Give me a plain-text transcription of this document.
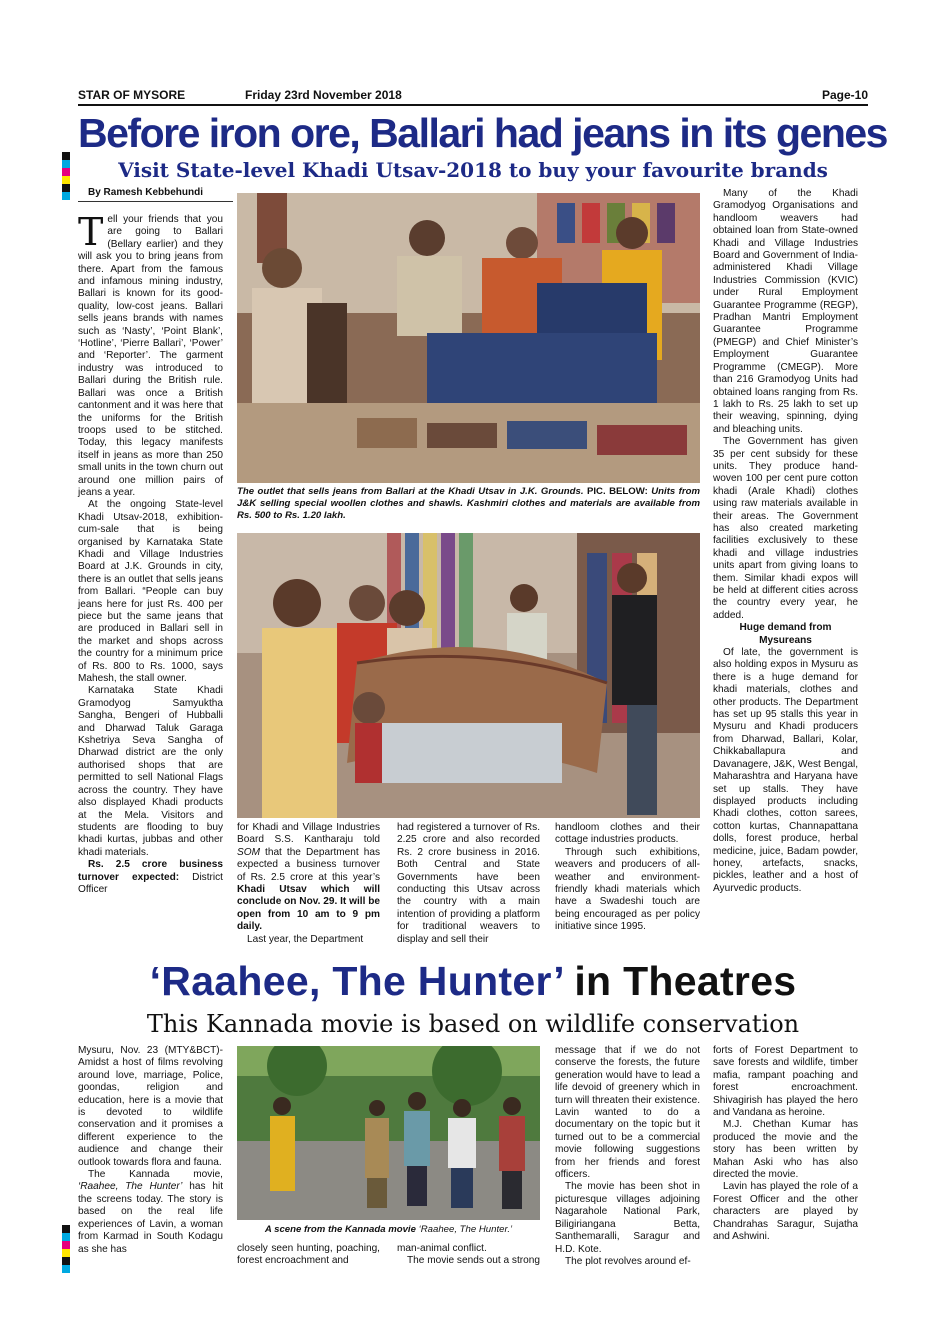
STAR OF MYSORE	Friday 23rd November 2018	Page-10
Before iron ore, Ballari had jeans in its genes
Visit State-level Khadi Utsav-2018 to buy your favourite brands
By Ramesh Kebbehundi

Tell your friends that you are going to Ballari (Bellary earlier) and they will ask you to bring jeans from there. Apart from the famous and infamous mining industry, Ballari is known for its good-quality, low-cost jeans. Ballari sells jeans brands with names such as ‘Nasty’, ‘Point Blank’, ‘Hotline’, ‘Pierre Ballari’, ‘Power’ and ‘Reporter’. The garment industry was introduced to Ballari during the British rule. Ballari was once a British cantonment and it was here that the uniforms for the British troops used to be stitched. Today, this legacy manifests itself in jeans as more than 250 small units in the town churn out around one million pairs of jeans a year.

At the ongoing State-level Khadi Utsav-2018, exhibition-cum-sale that is being organised by Karnataka State Khadi and Village Industries Board at J.K. Grounds in city, there is an outlet that sells jeans from Ballari. “People can buy jeans here for just Rs. 400 per piece but the same jeans that are produced in Ballari sell in the market and shops across the country for a minimum price of Rs. 800 to Rs. 1000, says Mahesh, the stall owner.

Karnataka State Khadi Gramodyog Samyuktha Sangha, Bengeri of Hubballi and Dharwad Taluk Garaga Kshetriya Seva Sangha of Dharwad district are the only authorised shops that are permitted to sell National Flags across the country. They have also displayed Khadi products at the Mela. Visitors and students are flooding to buy khadi kurtas, jubbas and other khadi materials.

Rs. 2.5 crore business turnover expected: District Officer

The outlet that sells jeans from Ballari at the Khadi Utsav in J.K. Grounds. PIC. BELOW: Units from J&K selling special woollen clothes and shawls. Kashmiri clothes and materials are available from Rs. 500 to Rs. 1.20 lakh.

for Khadi and Village Industries Board S.S. Kantharaju told SOM that the Department has expected a business turnover of Rs. 2.5 crore at this year’s Khadi Utsav which will conclude on Nov. 29. It will be open from 10 am to 9 pm daily.

Last year, the Department

had registered a turnover of Rs. 2.25 crore and also recorded Rs. 2 crore business in 2016. Both Central and State Governments have been conducting this Utsav across the country with a main intention of providing a platform for traditional weavers to display and sell their

handloom clothes and their cottage industries products.

Through such exhibitions, weavers and producers of all-weather and environment-friendly khadi materials which have a Swadeshi touch are being encouraged as per policy initiative since 1995.

Many of the Khadi Gramodyog Organisations and handloom weavers had obtained loan from State-owned Khadi and Village Industries Board and Government of India-administered Khadi Village Industries Commission (KVIC) under Rural Employment Guarantee Programme (REGP), Pradhan Mantri Employment Guarantee Programme (PMEGP) and Chief Minister’s Employment Guarantee Programme (CMEGP). More than 216 Gramodyog Units had obtained loans ranging from Rs. 1 lakh to Rs. 25 lakh to set up their weaving, spinning, dying and bleaching units.

The Government has given 35 per cent subsidy for these units. They produce hand-woven 100 per cent pure cotton khadi (Arale Khadi) clothes using raw materials available in their areas. The Government has also created marketing facilities exclusively to these khadi and village industries units apart from giving loans to them. Similar khadi expos will be held at different cities across the country every year, he added.

Huge demand from Mysureans

Of late, the government is also holding expos in Mysuru as there is a huge demand for khadi materials, clothes and other products. The Department has set up 95 stalls this year in Mysuru and Khadi producers from Dharwad, Ballari, Kolar, Chikkaballapura and Davanagere, J&K, West Bengal, Maharashtra and Haryana have set up stalls. They have displayed products including Khadi clothes, cotton sarees, cotton kurtas, Channapattana dolls, forest produce, herbal medicine, juice, Badam powder, honey, artefacts, snacks, pickles, leather and a host of Ayurvedic products.

‘Raahee, The Hunter’ in Theatres
This Kannada movie is based on wildlife conservation

Mysuru, Nov. 23 (MTY&BCT)- Amidst a host of films revolving around love, marriage, Police, goondas, religion and education, here is a movie that is devoted to wildlife conservation and it promises a different experience to the audience and change their outlook towards flora and fauna.

The Kannada movie, ‘Raahee, The Hunter’ has hit the screens today. The story is based on the real life experiences of Lavin, a woman from Karmad in South Kodagu as she has

A scene from the Kannada movie ‘Raahee, The Hunter.’

closely seen hunting, poaching, forest encroachment and

man-animal conflict.

The movie sends out a strong

message that if we do not conserve the forests, the future generation would have to lead a life devoid of greenery which in turn will threaten their existence. Lavin wanted to do a documentary on the topic but it turned out to be a commercial movie following suggestions from her friends and forest officers.

The movie has been shot in picturesque villages adjoining Nagarahole National Park, Biligiriangana Betta, Santhemaralli, Saragur and H.D. Kote.

The plot revolves around ef-

forts of Forest Department to save forests and wildlife, timber mafia, rampant poaching and forest encroachment. Shivagirish has played the hero and Vandana as heroine.

M.J. Chethan Kumar has produced the movie and the story has been written by Mahan Aski who has also directed the movie.

Lavin has played the role of a Forest Officer and the other characters are played by Chandrahas Saragur, Sujatha and Ashwini.
